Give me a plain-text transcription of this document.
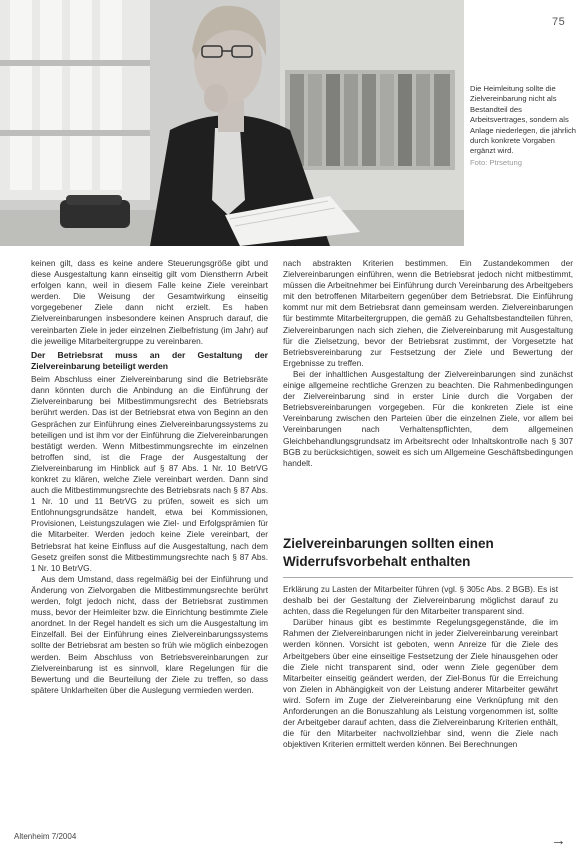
75
Die Heimleitung sollte die Zielvereinbarung nicht als Bestandteil des Arbeitsvertrages, sondern als Anlage niederlegen, die jährlich durch konkrete Vorgaben ergänzt wird.
Foto: Ptrsetung

keinen gilt, dass es keine andere Steuerungsgröße gibt und diese Ausgestaltung kann einseitig gilt vom Dienstherrn Arbeit erfolgen kann, weil in diesem Falle keine Ziele vereinbart werden. Die Weisung der Gesamtwirkung einseitig vorgegebener Ziele dann nicht erzielt. Es haben Zielvereinbarungen insbesondere keinen Anspruch darauf, die vereinbarten Ziele in jeder einzelnen Zielbefristung (im Jahr) auf die jeweilige Mitarbeitergruppe zu vereinbaren.

Der Betriebsrat muss an der Gestaltung der Zielvereinbarung beteiligt werden

Beim Abschluss einer Zielvereinbarung sind die Betriebsräte dann könnten durch die Anbindung an die Einführung der Zielvereinbarung bei Mitbestimmungsrecht des Betriebsrats berührt werden. Das ist der Betriebsrat etwa von Beginn an den Gesprächen zur Einführung eines Zielvereinbarungssystems zu beteiligen und ist ihm vor der Einführung die Zielvereinbarungen bestätigt werden. Wenn Mitbestimmungsrechte im einzelnen betroffen sind, ist die Frage der Ausgestaltung der Zielvereinbarung im Hinblick auf § 87 Abs. 1 Nr. 10 BetrVG konkret zu klären, welche Ziele vereinbart werden. Dann sind auch die Mitbestimmungsrechte des Betriebsrats nach § 87 Abs. 1 Nr. 10 und 11 BetrVG zu prüfen, soweit es sich um Entlohnungsgrundsätze handelt, etwa bei Kommissionen, Provisionen, Leistungszulagen wie Ziel- und Erfolgsprämien für die Mitarbeiter. Werden jedoch keine Ziele vereinbart, der Betriebsrat hat keine Einfluss auf die Ausgestaltung, nach dem Gesetz greifen sonst die Mitbestimmungsrechte nach § 87 Abs. 1 Nr. 10 BetrVG.

Aus dem Umstand, dass regelmäßig bei der Einführung und Änderung von Zielvorgaben die Mitbestimmungsrechte berührt werden, folgt jedoch nicht, dass der Betriebsrat zustimmen muss, bevor der Heimleiter bzw. die Einrichtung bestimmte Ziele anordnet. In der Regel handelt es sich um die Ausgestaltung im Einzelfall. Bei der Einführung eines Zielvereinbarungssystems sollte der Betriebsrat am besten so früh wie möglich einbezogen werden. Beim Abschluss von Betriebsvereinbarungen zur Zielvereinbarung ist es sinnvoll, klare Regelungen für die Bewertung und die Beurteilung der Ziele zu treffen, so dass spätere Unklarheiten über die Auslegung vermieden werden.

nach abstrakten Kriterien bestimmen. Ein Zustandekommen der Zielvereinbarungen einführen, wenn die Betriebsrat jedoch nicht mitbestimmt, müssen die Arbeitnehmer bei Einführung durch Vereinbarung des Arbeitgebers mit den betroffenen Mitarbeitern gegenüber dem Betriebsrat. Die Einführung kommt nur mit dem Betriebsrat dann gemeinsam werden. Zielvereinbarungen für bestimmte Mitarbeitergruppen, die gemäß zu Gehaltsbestandteilen führen, Zielvereinbarungen nach sich ziehen, die Zielvereinbarung mit Ausgestaltung für die Zielsetzung, bevor der Betriebsrat zustimmt, der Vorgesetzte hat Betriebsvereinbarung zur Festsetzung der Ziele und Bewertung der Ergebnisse zu treffen.

Bei der inhaltlichen Ausgestaltung der Zielvereinbarungen sind zunächst einige allgemeine rechtliche Grenzen zu beachten. Die Rahmenbedingungen der Zielvereinbarung sind in erster Linie durch die Vorgaben der Betriebsvereinbarungen vorgegeben. Für die konkreten Ziele ist eine Vereinbarung zwischen den Parteien über die einzelnen Ziele, vor allem bei Vereinbarungen nach Verhaltenspflichten, dem allgemeinen Gleichbehandlungsgrundsatz im Arbeitsrecht oder Inhaltskontrolle nach § 307 BGB zu berücksichtigen, soweit es sich um Allgemeine Geschäftsbedingungen handelt.

Zielvereinbarungen sollten einen Widerrufsvorbehalt enthalten

Erklärung zu Lasten der Mitarbeiter führen (vgl. § 305c Abs. 2 BGB). Es ist deshalb bei der Gestaltung der Zielvereinbarung möglichst darauf zu achten, dass die Regelungen für den Mitarbeiter transparent sind.

Darüber hinaus gibt es bestimmte Regelungsgegenstände, die im Rahmen der Zielvereinbarungen nicht in jeder Zielvereinbarung vereinbart werden können. Vorsicht ist geboten, wenn Anreize für die Ziele des Arbeitgebers über eine einseitige Festsetzung der Ziele hinausgehen oder die Ziele nicht transparent sind, oder wenn Ziele gegenüber dem Mitarbeiter einseitig geändert werden, der Ziel-Bonus für die Erreichung von Zielen in Abhängigkeit von der Leistung anderer Mitarbeiter gewährt wird. Sofern im Zuge der Zielvereinbarung eine Verknüpfung mit den Anforderungen an die Bonuszahlung als Leistung vorgenommen ist, sollte der Arbeitgeber darauf achten, dass die Zielvereinbarung Kriterien enthält, die für den Mitarbeiter nachvollziehbar sind, wenn die Ziele nach objektiven Kriterien ermittelt werden können. Bei Berechnungen

→
Altenheim 7/2004
